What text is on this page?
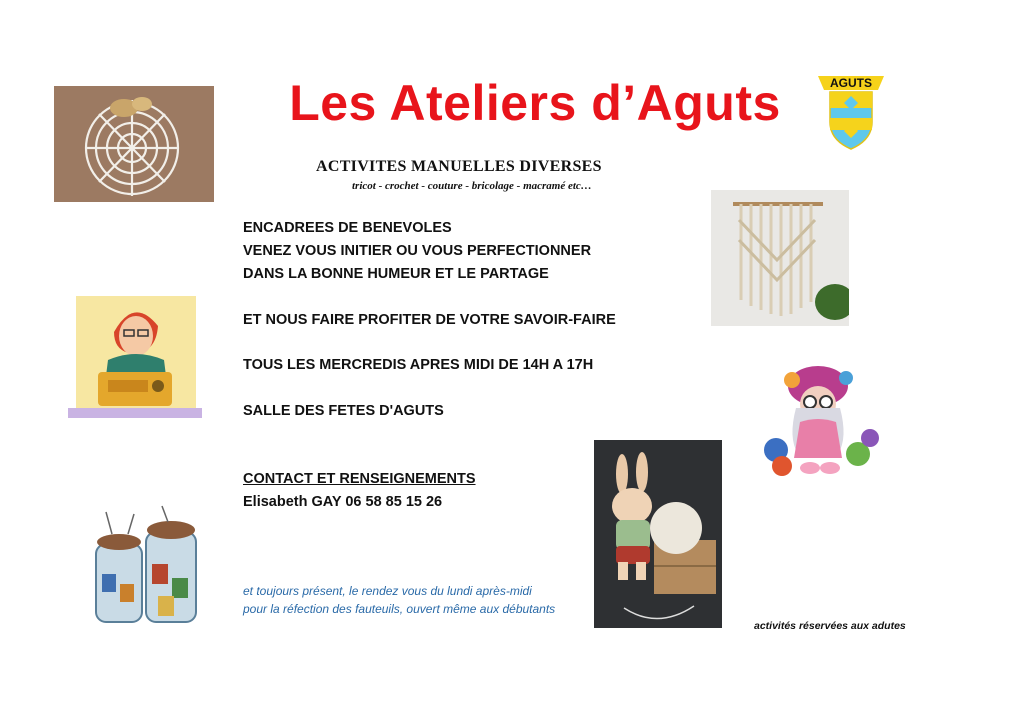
Les Ateliers d’Aguts	AGUTS
ACTIVITES MANUELLES DIVERSES
tricot - crochet - couture - bricolage - macramé etc…
ENCADREES DE BENEVOLES
VENEZ VOUS INITIER OU VOUS PERFECTIONNER
DANS LA BONNE HUMEUR ET LE PARTAGE
ET NOUS FAIRE PROFITER DE VOTRE SAVOIR-FAIRE
TOUS LES MERCREDIS APRES MIDI DE 14H A 17H
SALLE DES FETES D'AGUTS
CONTACT ET RENSEIGNEMENTS
Elisabeth GAY 06 58 85 15 26
et toujours présent, le rendez vous du lundi après-midi
pour la réfection des fauteuils, ouvert même aux débutants
activités réservées aux adutes
